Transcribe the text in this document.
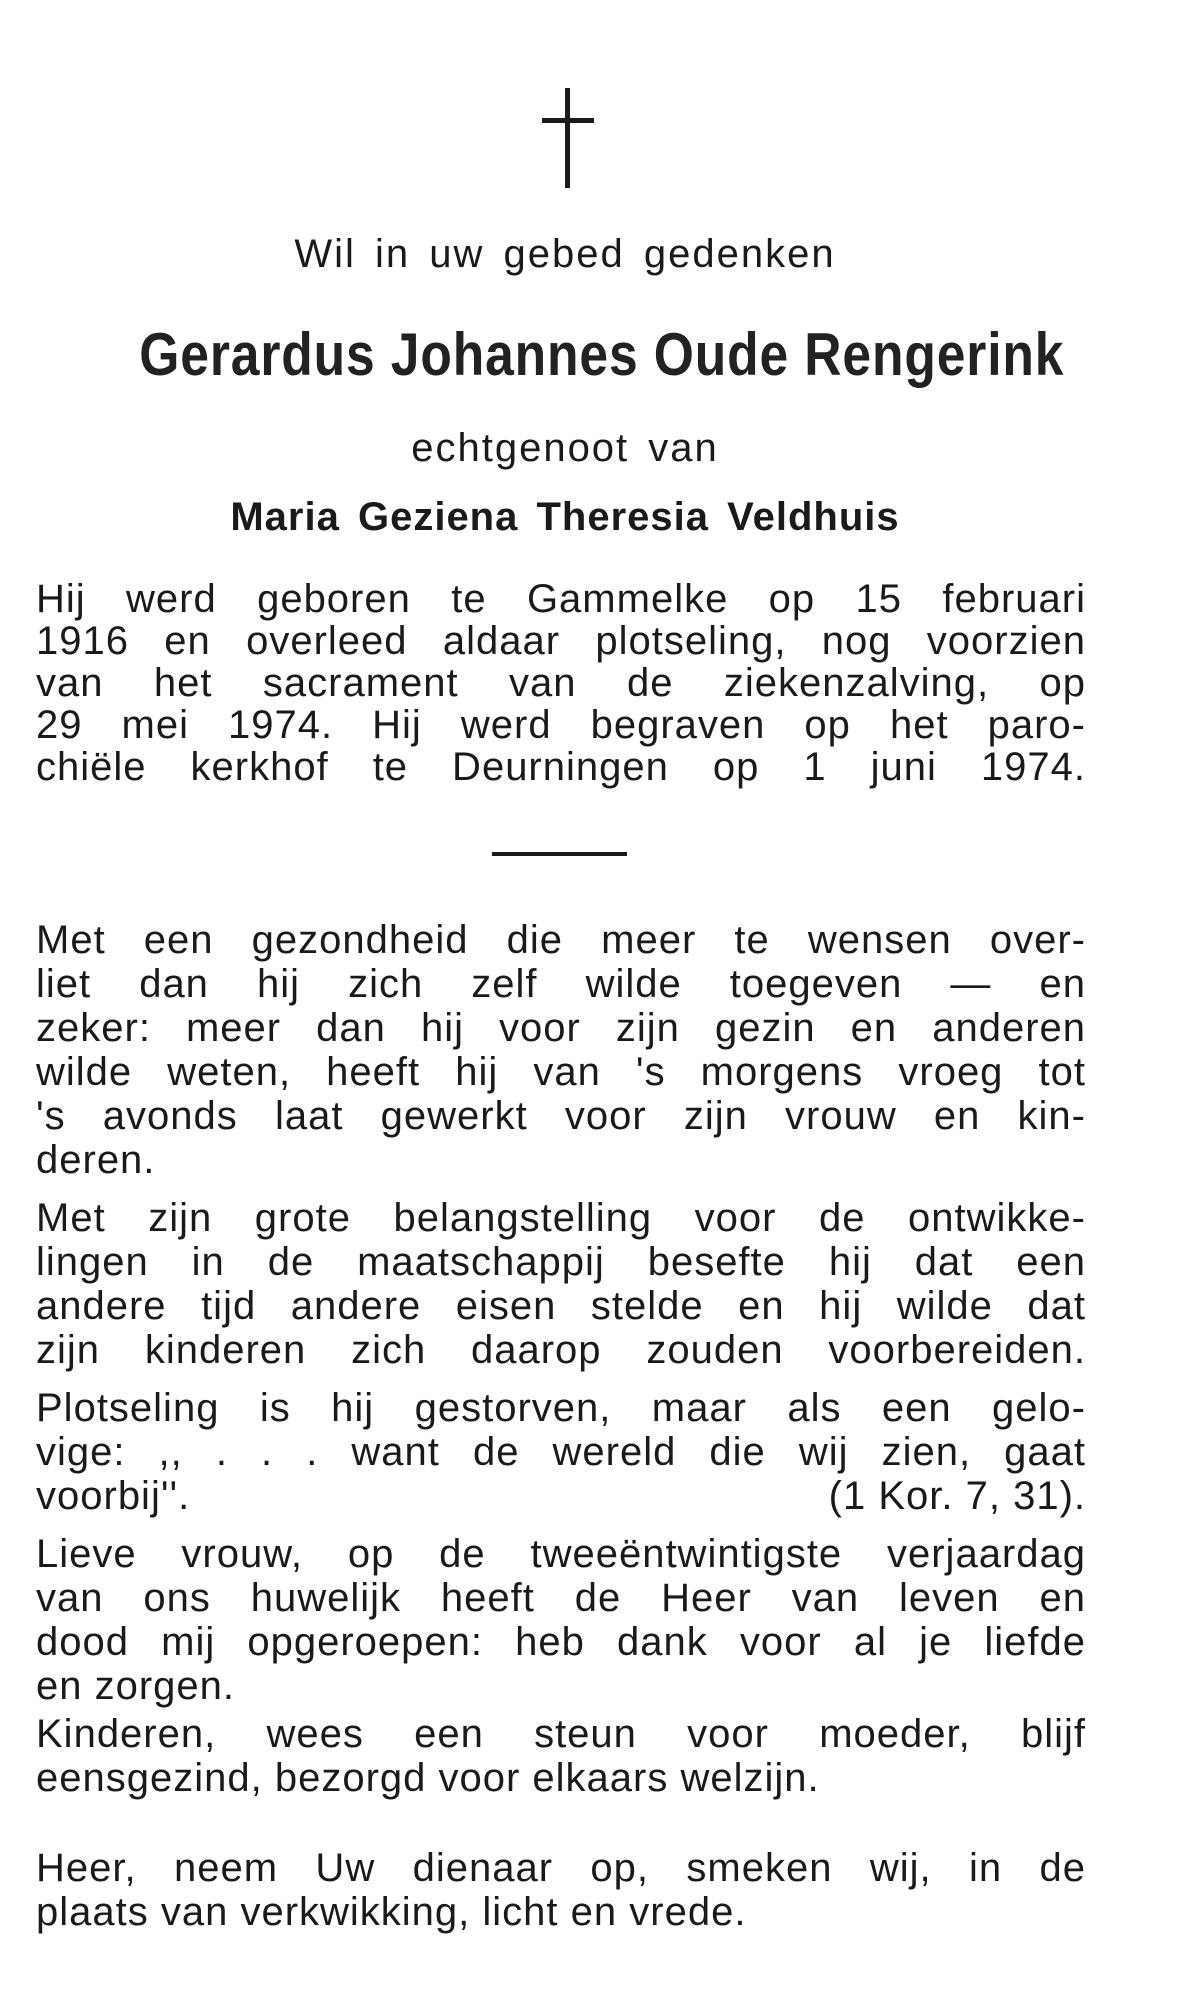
Wil in uw gebed gedenken
Gerardus Johannes Oude Rengerink
echtgenoot van
Maria Geziena Theresia Veldhuis
Hij werd geboren te Gammelke op 15 februari
1916 en overleed aldaar plotseling, nog voorzien
van het sacrament van de ziekenzalving, op
29 mei 1974. Hij werd begraven op het paro-
chiële kerkhof te Deurningen op 1 juni 1974.
Met een gezondheid die meer te wensen over-
liet dan hij zich zelf wilde toegeven — en
zeker: meer dan hij voor zijn gezin en anderen
wilde weten, heeft hij van 's morgens vroeg tot
's avonds laat gewerkt voor zijn vrouw en kin-
deren.
Met zijn grote belangstelling voor de ontwikke-
lingen in de maatschappij besefte hij dat een
andere tijd andere eisen stelde en hij wilde dat
zijn kinderen zich daarop zouden voorbereiden.
Plotseling is hij gestorven, maar als een gelo-
vige: ,, . . . want de wereld die wij zien, gaat
voorbij''.	(1 Kor. 7, 31).
Lieve vrouw, op de tweeëntwintigste verjaardag
van ons huwelijk heeft de Heer van leven en
dood mij opgeroepen: heb dank voor al je liefde
en zorgen.
Kinderen, wees een steun voor moeder, blijf
eensgezind, bezorgd voor elkaars welzijn.
Heer, neem Uw dienaar op, smeken wij, in de
plaats van verkwikking, licht en vrede.
